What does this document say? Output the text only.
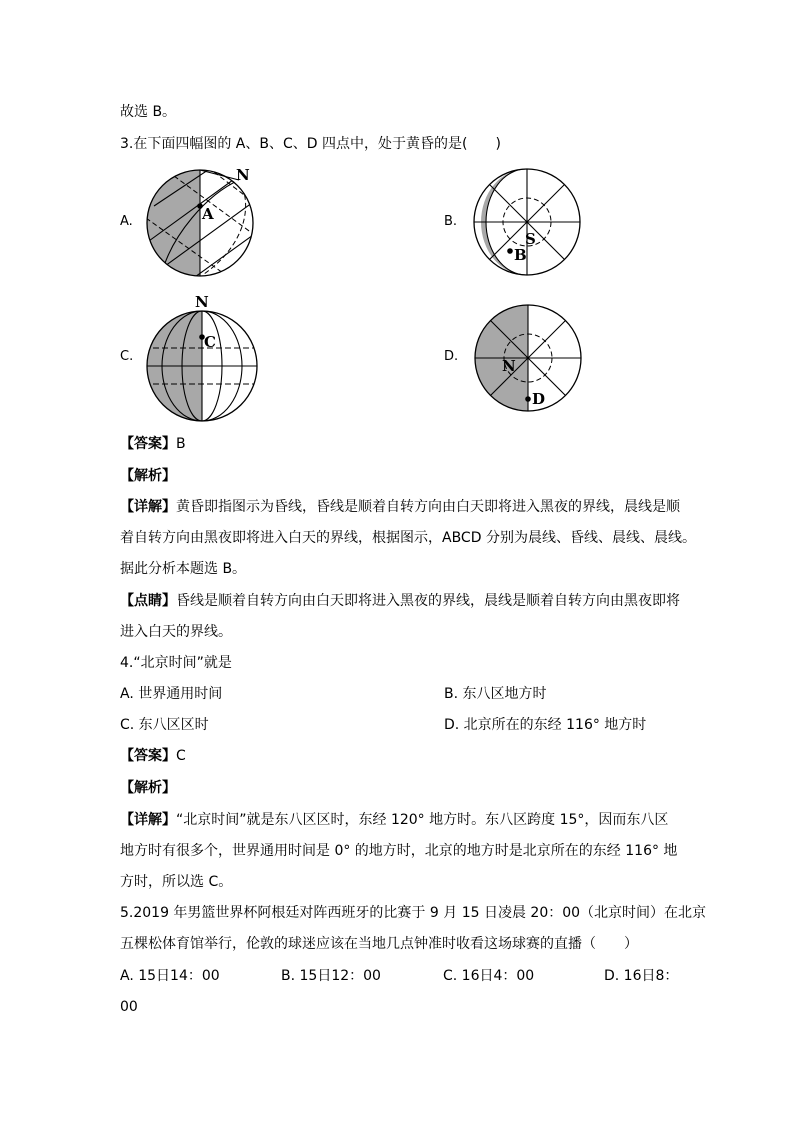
故选 B。
3.在下面四幅图的 A、B、C、D 四点中，处于黄昏的是(　　)
A.	A
N
B.
B
S
C.
C
N
D.
D
N
【答案】B
【解析】
【详解】黄昏即指图示为昏线，昏线是顺着自转方向由白天即将进入黑夜的界线，晨线是顺
着自转方向由黑夜即将进入白天的界线，根据图示，ABCD 分别为晨线、昏线、晨线、晨线。
据此分析本题选 B。
【点睛】昏线是顺着自转方向由白天即将进入黑夜的界线，晨线是顺着自转方向由黑夜即将
进入白天的界线。
4.“北京时间”就是
A. 世界通用时间	B. 东八区地方时
C. 东八区区时	D. 北京所在的东经 116° 地方时
【答案】C
【解析】
【详解】“北京时间”就是东八区区时，东经 120° 地方时。东八区跨度 15°，因而东八区
地方时有很多个，世界通用时间是 0° 的地方时，北京的地方时是北京所在的东经 116° 地
方时，所以选 C。
5.2019 年男篮世界杯阿根廷对阵西班牙的比赛于 9 月 15 日凌晨 20：00（北京时间）在北京
五棵松体育馆举行，伦敦的球迷应该在当地几点钟准时收看这场球赛的直播（　　）
A. 15日14：00	B. 15日12：00	C. 16日4：00	D. 16日8：
00
